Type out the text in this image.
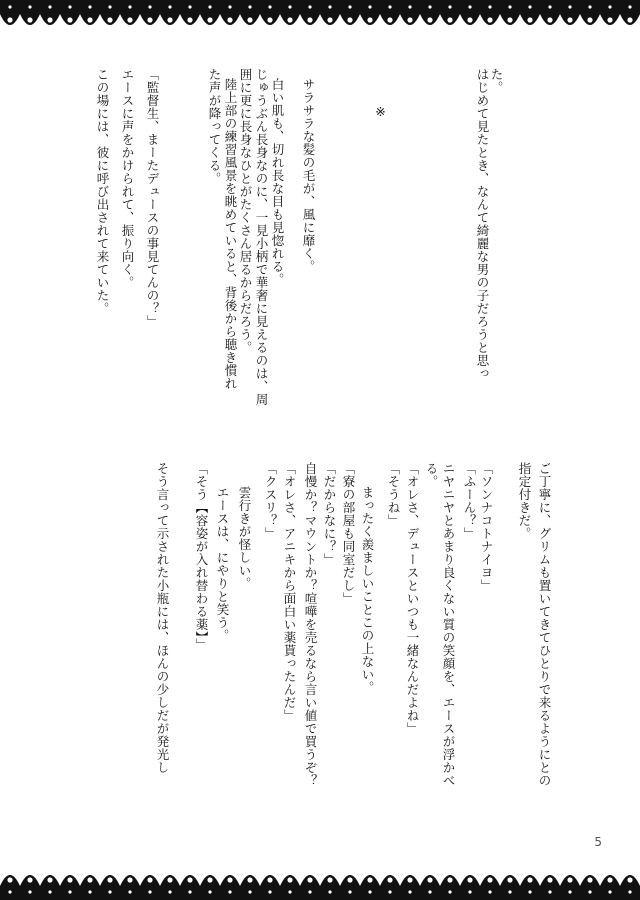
はじめて見たとき、なんて綺麗な男の子だろうと思っ た。
※
サラサラな髪の毛が、風に靡く。
白い肌も、切れ長な目も見惚れる。
じゅうぶん長身なのに、一見小柄で華奢に見えるのは、周
囲に更に長身なひとがたくさん居るからだろう。
陸上部の練習風景を眺めていると、背後から聴き慣れ
た声が降ってくる。
「監督生、まーたデュースの事見てんの？」
エースに声をかけられて、振り向く。
この場には、彼に呼び出されて来ていた。
ご丁寧に、グリムも置いてきてひとりで来るようにとの
指定付きだ。
「ソンナコトナイヨ」
「ふーん？」
ニヤニヤとあまり良くない質の笑顔を、エースが浮かべ
る。
「オレさ、デュースといつも一緒なんだよね」
「そうね」
まったく羨ましいことこの上ない。
「寮の部屋も同室だし」
「だからなに？」
自慢か？マウントか？喧嘩を売るなら言い値で買うぞ？
「オレさ、アニキから面白い薬貰ったんだ」
「クスリ？」
雲行きが怪しい。
エースは、にやりと笑う。
「そう【容姿が入れ替わる薬】」
そう言って示された小瓶には、ほんの少しだが発光し
5
